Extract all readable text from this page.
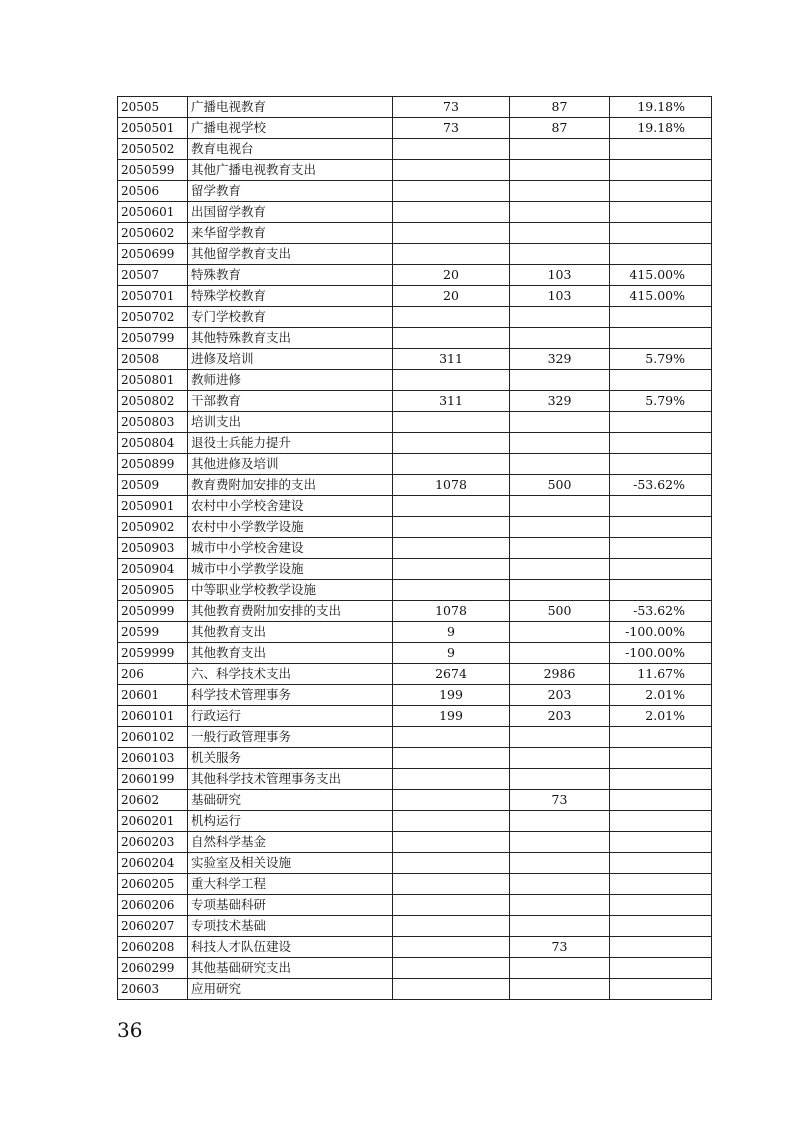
20505	广播电视教育	73	87	19.18%
2050501	广播电视学校	73	87	19.18%
2050502	教育电视台			
2050599	其他广播电视教育支出			
20506	留学教育			
2050601	出国留学教育			
2050602	来华留学教育			
2050699	其他留学教育支出			
20507	特殊教育	20	103	415.00%
2050701	特殊学校教育	20	103	415.00%
2050702	专门学校教育			
2050799	其他特殊教育支出			
20508	进修及培训	311	329	5.79%
2050801	教师进修			
2050802	干部教育	311	329	5.79%
2050803	培训支出			
2050804	退役士兵能力提升			
2050899	其他进修及培训			
20509	教育费附加安排的支出	1078	500	-53.62%
2050901	农村中小学校舍建设			
2050902	农村中小学教学设施			
2050903	城市中小学校舍建设			
2050904	城市中小学教学设施			
2050905	中等职业学校教学设施			
2050999	其他教育费附加安排的支出	1078	500	-53.62%
20599	其他教育支出	9		-100.00%
2059999	其他教育支出	9		-100.00%
206	六、科学技术支出	2674	2986	11.67%
20601	科学技术管理事务	199	203	2.01%
2060101	行政运行	199	203	2.01%
2060102	一般行政管理事务			
2060103	机关服务			
2060199	其他科学技术管理事务支出			
20602	基础研究		73	
2060201	机构运行			
2060203	自然科学基金			
2060204	实验室及相关设施			
2060205	重大科学工程			
2060206	专项基础科研			
2060207	专项技术基础			
2060208	科技人才队伍建设		73	
2060299	其他基础研究支出			
20603	应用研究			
36
